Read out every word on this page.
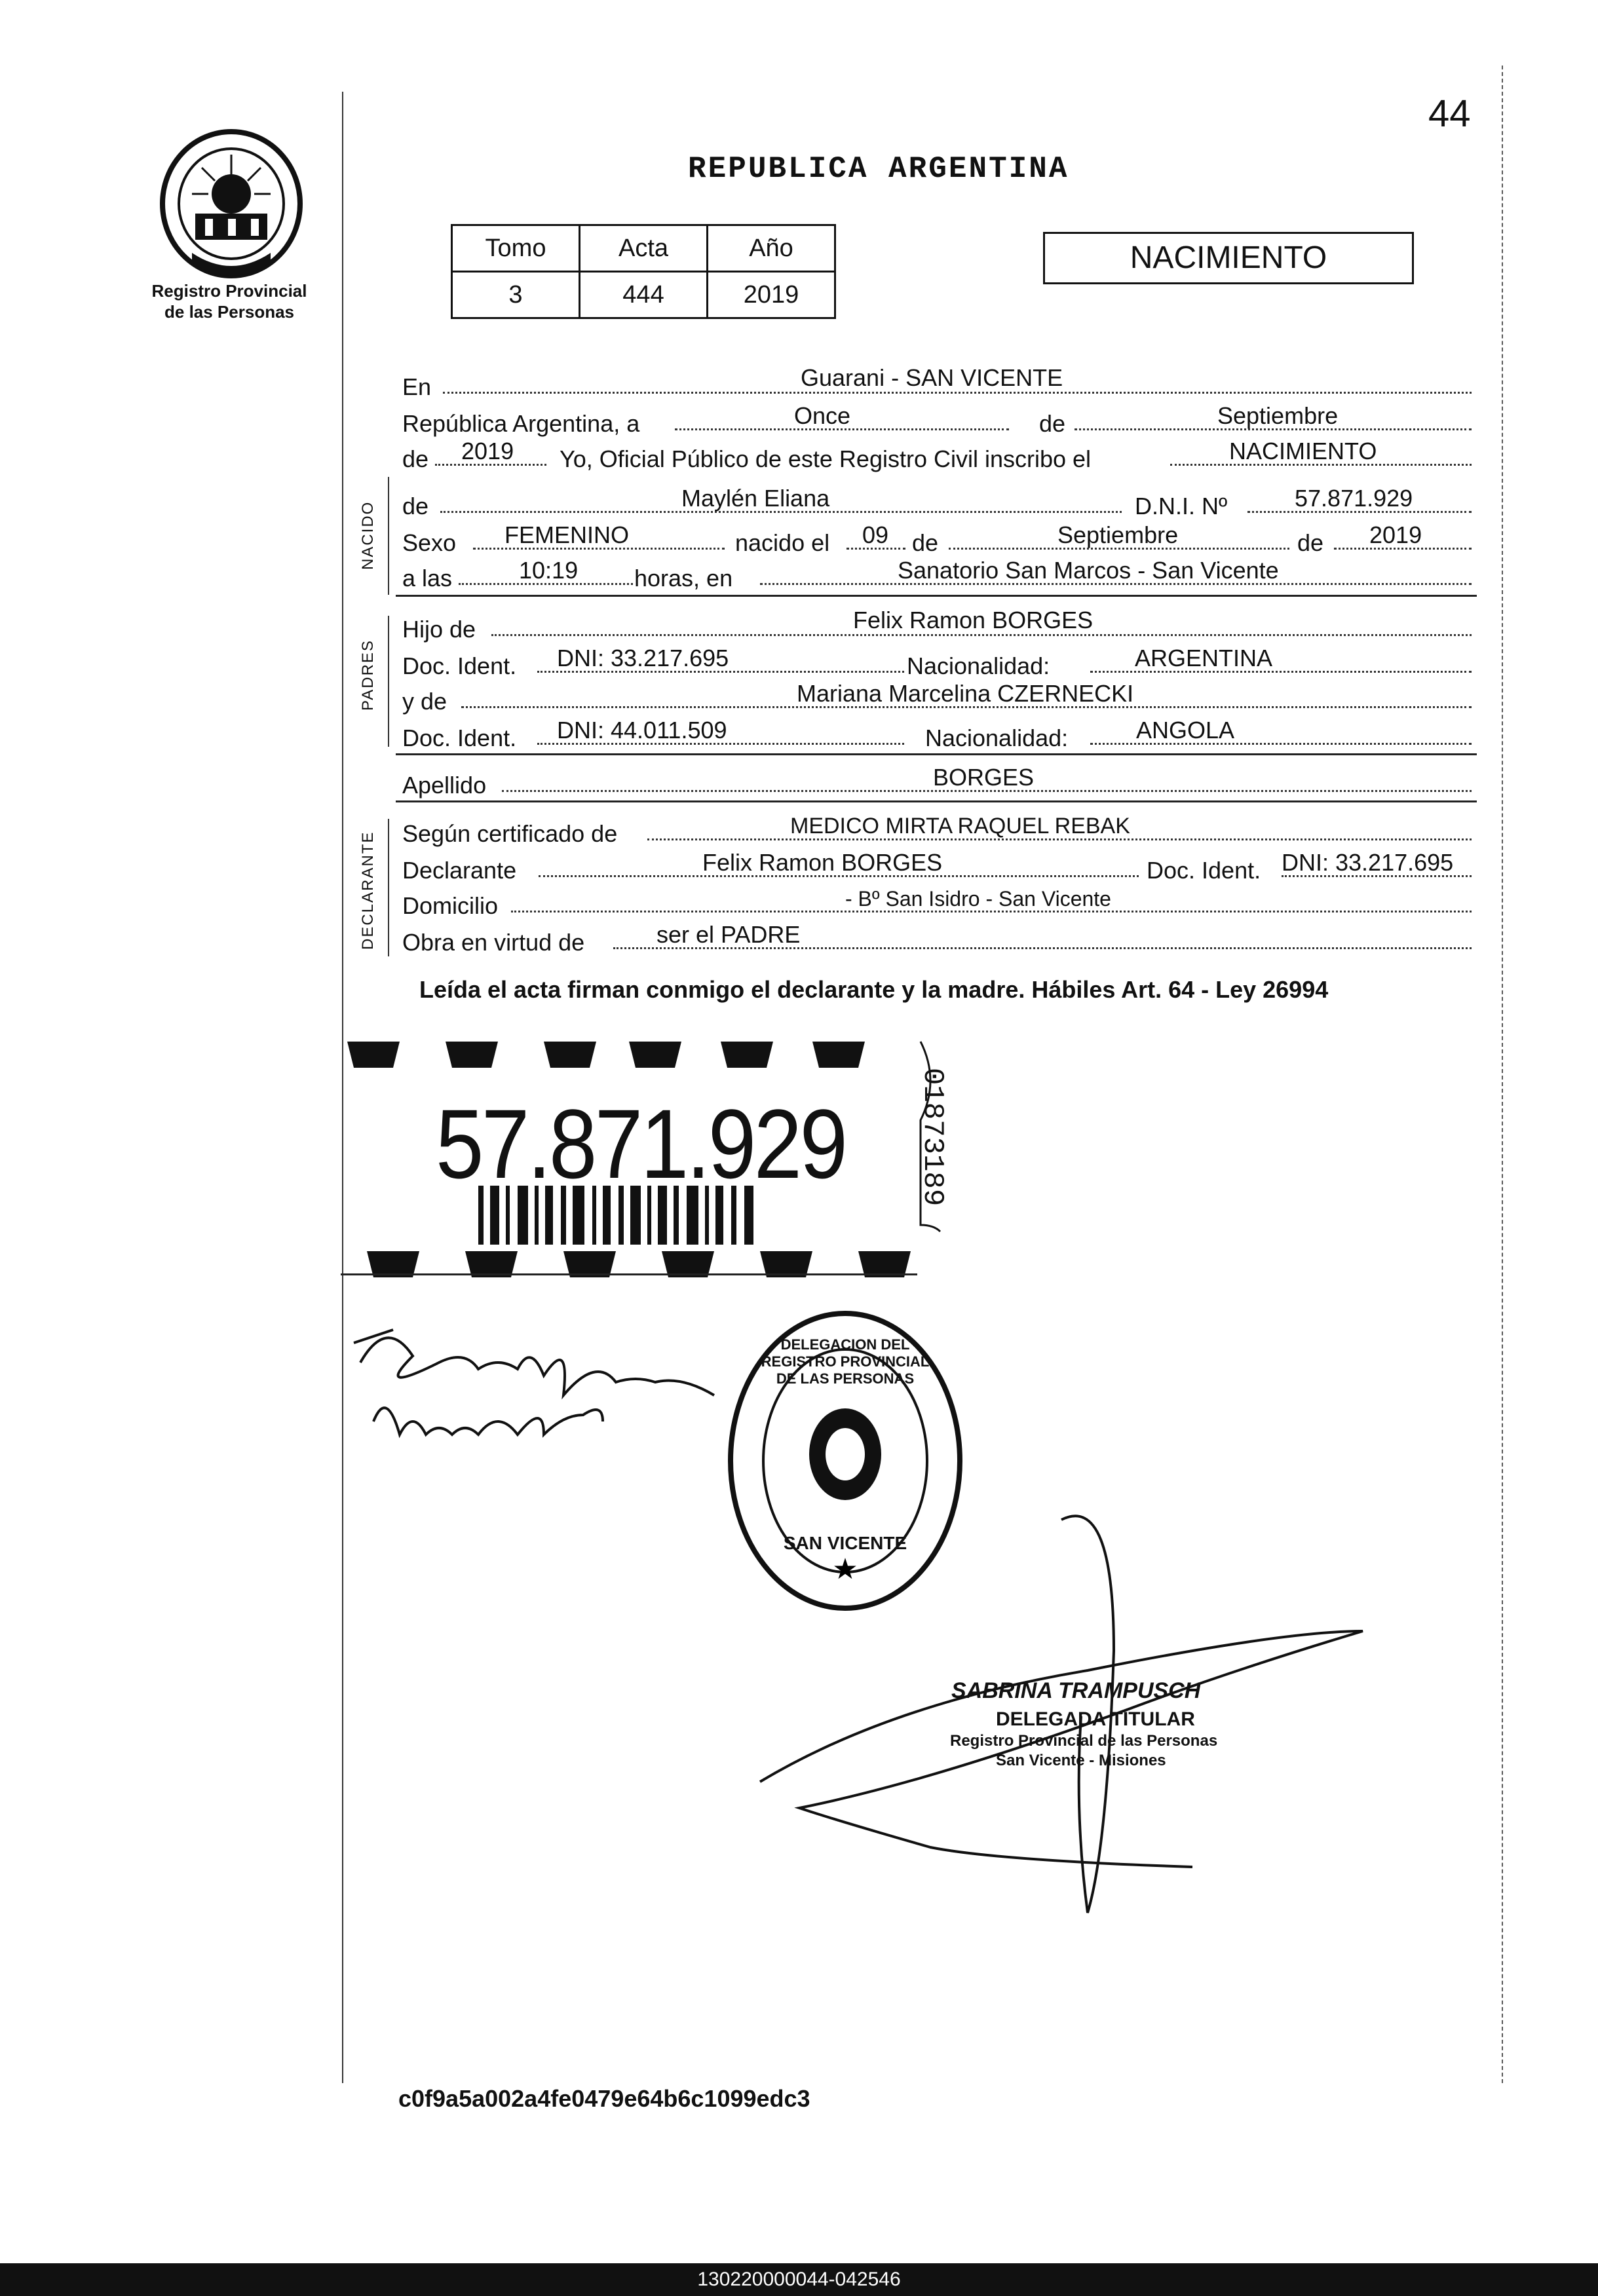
44
Registro Provincial
de las Personas
REPUBLICA ARGENTINA
Tomo	Acta	Año
3	444	2019
NACIMIENTO
NACIDO
PADRES
DECLARANTE
En	Guarani - SAN VICENTE
República Argentina, a	Once	de	Septiembre
de 2019 Yo, Oficial Público de este Registro Civil inscribo el	NACIMIENTO
de	Maylén Eliana	D.N.I. Nº	57.871.929
Sexo FEMENINO	nacido el 09 de	Septiembre	de 2019
a las	10:19 horas, en	Sanatorio San Marcos - San Vicente
Hijo de	Felix Ramon BORGES
Doc. Ident. DNI: 33.217.695	Nacionalidad:	ARGENTINA
y de	Mariana Marcelina CZERNECKI
Doc. Ident. DNI: 44.011.509	Nacionalidad:	ANGOLA
Apellido	BORGES
Según certificado de	MEDICO MIRTA RAQUEL REBAK
Declarante	Felix Ramon BORGES	Doc. Ident. DNI: 33.217.695
Domicilio	- Bº San Isidro - San Vicente
Obra en virtud de	ser el PADRE
Leída el acta firman conmigo el declarante y la madre. Hábiles Art. 64 - Ley 26994
57.871.929 01873189
★
DELEGACION DEL REGISTRO PROVINCIAL DE LAS PERSONAS
SAN VICENTE
SABRINA TRAMPUSCH
DELEGADA TITULAR
Registro Provincial de las Personas
San Vicente - Misiones
c0f9a5a002a4fe0479e64b6c1099edc3
130220000044-042546
